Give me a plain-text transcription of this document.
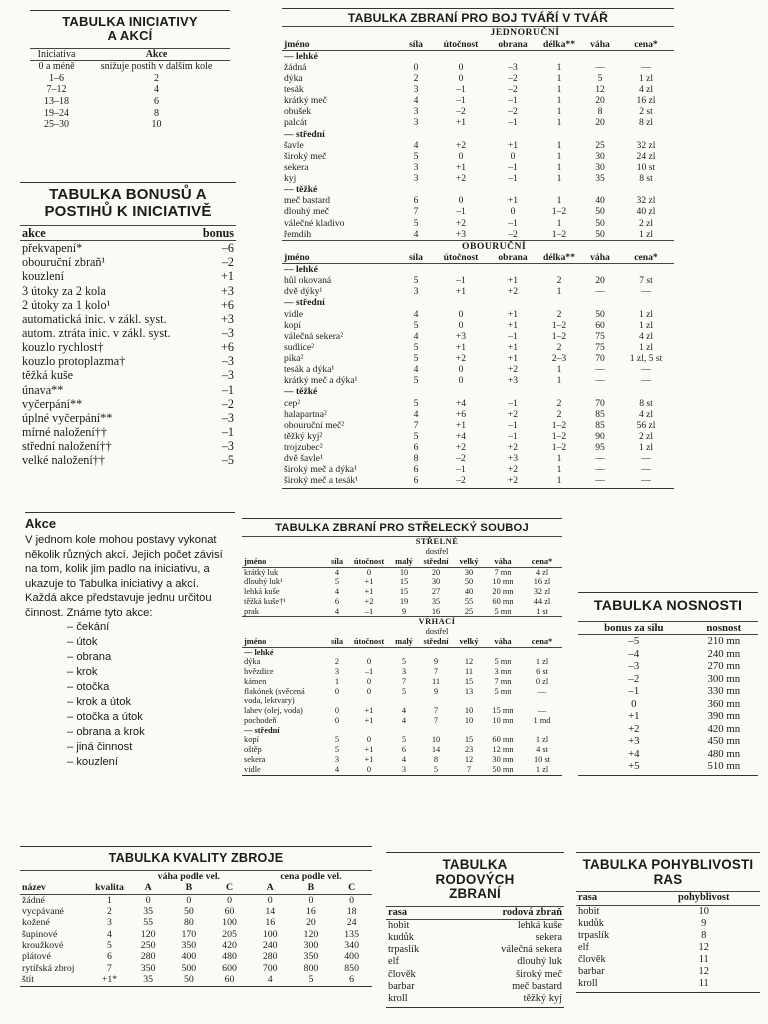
TABULKA INICIATIVY A AKCÍ
Iniciativa	Akce
0 a méně	snižuje postih v dalším kole
1–6	2
7–12	4
13–18	6
19–24	8
25–30	10
TABULKA BONUSŮ A POSTIHŮ K INICIATIVĚ
akce	bonus
překvapení*	–6
obouruční zbraň¹	–2
kouzlení	+1
3 útoky za 2 kola	+3
2 útoky za 1 kolo¹	+6
automatická inic. v zákl. syst.	+3
autom. ztráta inic. v zákl. syst.	–3
kouzlo rychlost†	+6
kouzlo protoplazma†	–3
těžká kuše	–3
únava**	–1
vyčerpání**	–2
úplné vyčerpání**	–3
mírné naložení††	–1
střední naložení††	–3
velké naložení††	–5
Akce

V jednom kole mohou postavy vykonat několik různých akcí. Jejich počet závisí na tom, kolik jim padlo na iniciativu, a ukazuje to Tabulka iniciativy a akcí.

Každá akce představuje jednu určitou činnost. Známe tyto akce:

– čekání
– útok
– obrana
– krok
– otočka
– krok a útok
– otočka a útok
– obrana a krok
– jiná činnost
– kouzlení
TABULKA ZBRANÍ PRO BOJ TVÁŘÍ V TVÁŘ
		JEDNORUČNÍ				
jméno	síla	útočnost	obrana	délka**	váha	cena*
— lehké						
žádná	0	0	–3	1	—	—
dýka	2	0	–2	1	5	1 zl
tesák	3	–1	–2	1	12	4 zl
krátký meč	4	–1	–1	1	20	16 zl
obušek	3	–2	–2	1	8	2 st
palcát	3	+1	–1	1	20	8 zl
— střední						
šavle	4	+2	+1	1	25	32 zl
široký meč	5	0	0	1	30	24 zl
sekera	3	+1	–1	1	30	10 st
kyj	3	+2	–1	1	35	8 st
— těžké						
meč bastard	6	0	+1	1	40	32 zl
dlouhý meč	7	–1	0	1–2	50	40 zl
válečné kladivo	5	+2	–1	1	50	2 zl
řemdih	4	+3	–2	1–2	50	1 zl
OBOURUČNÍ						
jméno	síla	útočnost	obrana	délka**	váha	cena*
— lehké						
hůl okovaná	5	–1	+1	2	20	7 st
dvě dýky¹	3	+1	+2	1	—	—
— střední						
vidle	4	0	+1	2	50	1 zl
kopí	5	0	+1	1–2	60	1 zl
válečná sekera²	4	+3	–1	1–2	75	4 zl
sudlice²	5	+1	+1	2	75	1 zl
píka²	5	+2	+1	2–3	70	1 zl, 5 st
tesák a dýka¹	4	0	+2	1	—	—
krátký meč a dýka¹	5	0	+3	1	—	—
— těžké						
cep²	5	+4	–1	2	70	8 st
halapartna²	4	+6	+2	2	85	4 zl
obouruční meč²	7	+1	–1	1–2	85	56 zl
těžký kyj²	5	+4	–1	1–2	90	2 zl
trojzubec²	6	+2	+2	1–2	95	1 zl
dvě šavle¹	8	–2	+3	1	—	—
široký meč a dýka¹	6	–1	+2	1	—	—
široký meč a tesák¹	6	–2	+2	1	—	—
TABULKA ZBRANÍ PRO STŘELECKÝ SOUBOJ
			STŘELNÉ				
			dostřel				
jméno	síla	útočnost	malý	střední	velký	váha	cena*
krátký luk	4	0	10	20	30	7 mn	4 zl
dlouhý luk¹	5	+1	15	30	50	10 mn	16 zl
lehká kuše	4	+1	15	27	40	20 mn	32 zl
těžká kuše†¹	6	+2	19	35	55	60 mn	44 zl
prak	4	–1	9	16	25	5 mn	1 st
			VRHACÍ				
			dostřel				
jméno	síla	útočnost	malý	střední	velký	váha	cena*
— lehké							
dýka	2	0	5	9	12	5 mn	1 zl
hvězdice	3	–1	3	7	11	3 mn	6 st
kámen	1	0	7	11	15	7 mn	0 zl
flakónek (svěcená voda, lektvary)	0	0	5	9	13	5 mn	—
lahev (olej, voda)	0	+1	4	7	10	15 mn	—
pochodeň	0	+1	4	7	10	10 mn	1 md
— střední							
kopí	5	0	5	10	15	60 mn	1 zl
oštěp	5	+1	6	14	23	12 mn	4 st
sekera	3	+1	4	8	12	30 mn	10 st
vidle	4	0	3	5	7	50 mn	1 zl
TABULKA NOSNOSTI
bonus za sílu	nosnost
–5	210 mn
–4	240 mn
–3	270 mn
–2	300 mn
–1	330 mn
0	360 mn
+1	390 mn
+2	420 mn
+3	450 mn
+4	480 mn
+5	510 mn
TABULKA KVALITY ZBROJE
		váha podle vel.			cena podle vel.		
název	kvalita	A	B	C	A	B	C
žádné	1	0	0	0	0	0	0
vycpávané	2	35	50	60	14	16	18
kožené	3	55	80	100	16	20	24
šupinové	4	120	170	205	100	120	135
kroužkové	5	250	350	420	240	300	340
plátové	6	280	400	480	280	350	400
rytířská zbroj	7	350	500	600	700	800	850
štít	+1*	35	50	60	4	5	6
TABULKA RODOVÝCH ZBRANÍ
rasa	rodová zbraň
hobit	lehká kuše
kudůk	sekera
trpaslík	válečná sekera
elf	dlouhý luk
člověk	široký meč
barbar	meč bastard
kroll	těžký kyj
TABULKA POHYBLIVOSTI RAS
rasa	pohyblivost
hobit	10
kudůk	9
trpaslík	8
elf	12
člověk	11
barbar	12
kroll	11
